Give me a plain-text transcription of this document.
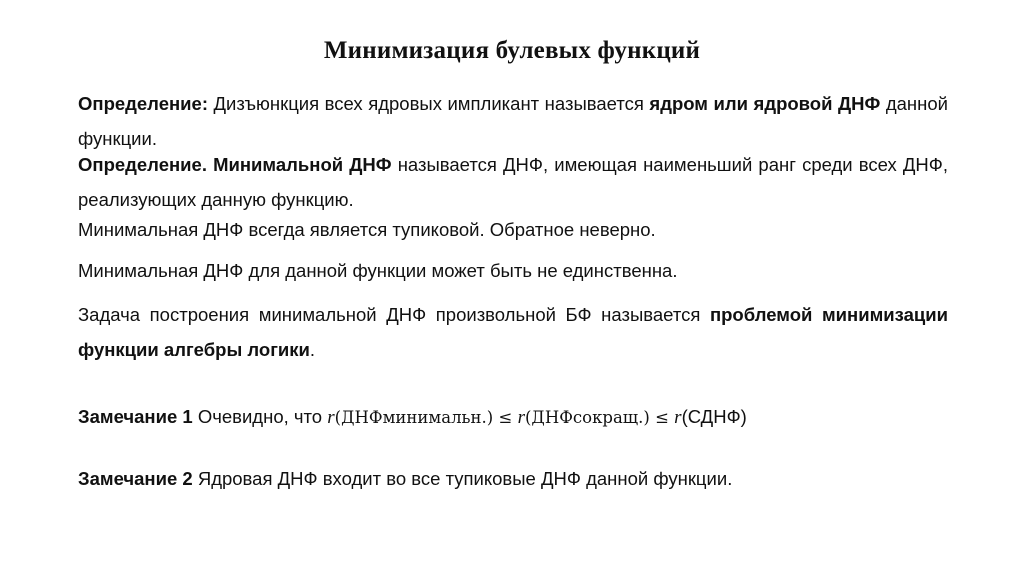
Минимизация булевых функций

Определение: Дизъюнкция всех ядровых импликант называется ядром или ядровой ДНФ данной функции.

Определение. Минимальной ДНФ называется ДНФ, имеющая наименьший ранг среди всех ДНФ, реализующих данную функцию.

Минимальная ДНФ всегда является тупиковой. Обратное неверно.

Минимальная ДНФ для данной функции может быть не единственна.

Задача построения минимальной ДНФ произвольной БФ называется проблемой минимизации функции алгебры логики.

Замечание 1 Очевидно, что r(ДНФминимальн.) ≤ r(ДНФсокращ.) ≤ r(СДНФ)

Замечание 2 Ядровая ДНФ входит во все тупиковые ДНФ данной функции.
